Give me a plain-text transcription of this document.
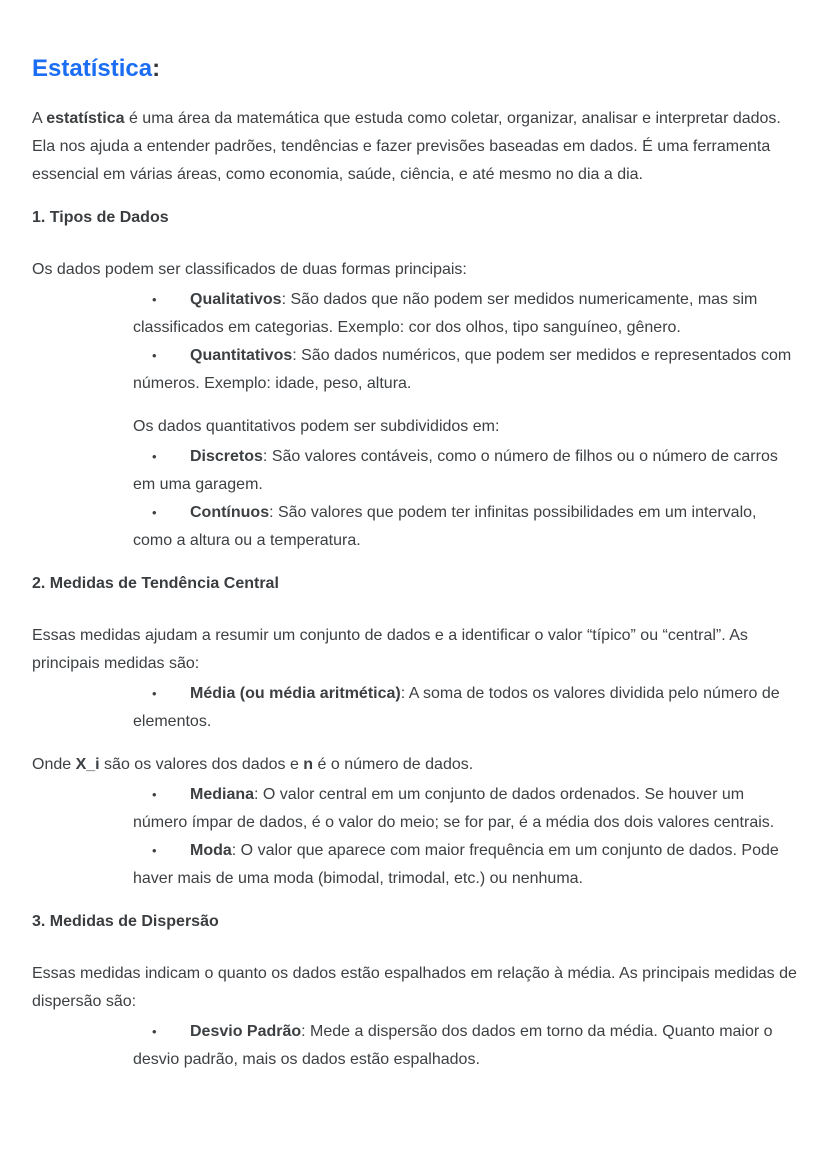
Estatística:

A estatística é uma área da matemática que estuda como coletar, organizar, analisar e interpretar dados. Ela nos ajuda a entender padrões, tendências e fazer previsões baseadas em dados. É uma ferramenta essencial em várias áreas, como economia, saúde, ciência, e até mesmo no dia a dia.

1. Tipos de Dados

Os dados podem ser classificados de duas formas principais:

• Qualitativos: São dados que não podem ser medidos numericamente, mas sim classificados em categorias. Exemplo: cor dos olhos, tipo sanguíneo, gênero.

• Quantitativos: São dados numéricos, que podem ser medidos e representados com números. Exemplo: idade, peso, altura.

Os dados quantitativos podem ser subdivididos em:

• Discretos: São valores contáveis, como o número de filhos ou o número de carros em uma garagem.

• Contínuos: São valores que podem ter infinitas possibilidades em um intervalo, como a altura ou a temperatura.

2. Medidas de Tendência Central

Essas medidas ajudam a resumir um conjunto de dados e a identificar o valor “típico” ou “central”. As principais medidas são:

• Média (ou média aritmética): A soma de todos os valores dividida pelo número de elementos.

Onde X_i são os valores dos dados e n é o número de dados.

• Mediana: O valor central em um conjunto de dados ordenados. Se houver um número ímpar de dados, é o valor do meio; se for par, é a média dos dois valores centrais.

• Moda: O valor que aparece com maior frequência em um conjunto de dados. Pode haver mais de uma moda (bimodal, trimodal, etc.) ou nenhuma.

3. Medidas de Dispersão

Essas medidas indicam o quanto os dados estão espalhados em relação à média. As principais medidas de dispersão são:

• Desvio Padrão: Mede a dispersão dos dados em torno da média. Quanto maior o desvio padrão, mais os dados estão espalhados.
